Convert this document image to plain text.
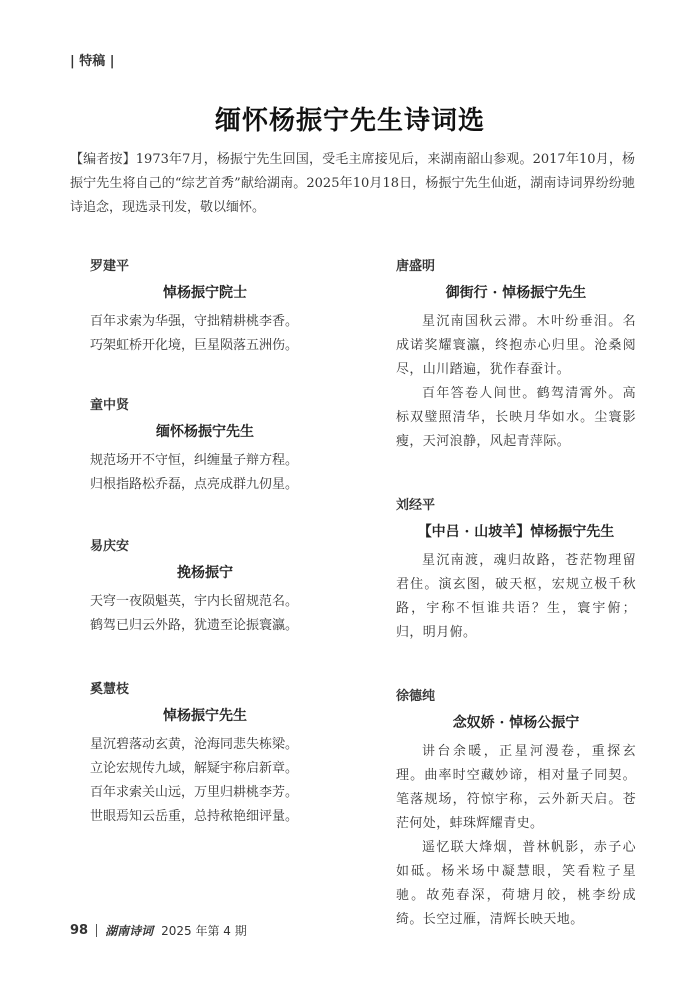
| 特稿 |
缅怀杨振宁先生诗词选

【编者按】1973年7月，杨振宁先生回国，受毛主席接见后，来湖南韶山参观。2017年10月，杨振宁先生将自己的“综艺首秀”献给湖南。2025年10月18日，杨振宁先生仙逝，湖南诗词界纷纷驰诗追念，现选录刊发，敬以缅怀。

罗建平
悼杨振宁院士

百年求索为华强，守拙精耕桃李香。

巧架虹桥开化境，巨星陨落五洲伤。

童中贤
缅怀杨振宁先生

规范场开不守恒，纠缠量子辩方程。

归根指路松乔磊，点亮成群九仞星。

易庆安
挽杨振宁

天穹一夜陨魁英，宇内长留规范名。

鹤驾已归云外路，犹遗至论振寰瀛。

奚慧枝
悼杨振宁先生

星沉碧落动玄黄，沧海同悲失栋梁。

立论宏规传九域，解疑宇称启新章。

百年求索关山远，万里归耕桃李芳。

世眼焉知云岳重，总持秾艳细评量。

唐盛明
御街行 · 悼杨振宁先生

星沉南国秋云滞。木叶纷垂泪。名成诺奖耀寰瀛，终抱赤心归里。沧桑阅尽，山川踏遍，犹作春蚕计。

百年答卷人间世。鹤驾清霄外。高标双璧照清华，长映月华如水。尘寰影瘦，天河浪静，风起青萍际。

刘经平
【中吕 · 山坡羊】悼杨振宁先生

星沉南渡，魂归故路，苍茫物理留君住。演玄图，破天枢，宏规立极千秋路，宇称不恒谁共语？生，寰宇俯；归，明月俯。

徐德纯
念奴娇 · 悼杨公振宁

讲台余暖，正星河漫卷，重探玄理。曲率时空藏妙谛，相对量子同契。笔落规场，符惊宇称，云外新天启。苍茫何处，蚌珠辉耀青史。

遥忆联大烽烟，普林帆影，赤子心如砥。杨米场中凝慧眼，笑看粒子星驰。故苑春深，荷塘月皎，桃李纷成绮。长空过雁，清辉长映天地。

98 湖南诗词 2025 年第 4 期
